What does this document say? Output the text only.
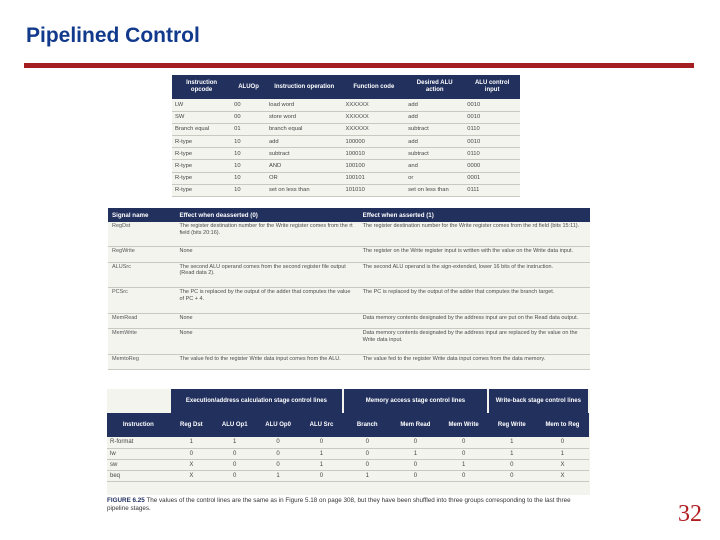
Pipelined Control
Instruction opcode	ALUOp	Instruction operation	Function code	Desired ALU action	ALU control input
LW	00	load word	XXXXXX	add	0010
SW	00	store word	XXXXXX	add	0010
Branch equal	01	branch equal	XXXXXX	subtract	0110
R-type	10	add	100000	add	0010
R-type	10	subtract	100010	subtract	0110
R-type	10	AND	100100	and	0000
R-type	10	OR	100101	or	0001
R-type	10	set on less than	101010	set on less than	0111
Signal name	Effect when deasserted (0)	Effect when asserted (1)
RegDst	The register destination number for the Write register comes from the rt field (bits 20:16).	The register destination number for the Write register comes from the rd field (bits 15:11).
RegWrite	None	The register on the Write register input is written with the value on the Write data input.
ALUSrc	The second ALU operand comes from the second register file output (Read data 2).	The second ALU operand is the sign-extended, lower 16 bits of the instruction.
PCSrc	The PC is replaced by the output of the adder that computes the value of PC + 4.	The PC is replaced by the output of the adder that computes the branch target.
MemRead	None	Data memory contents designated by the address input are put on the Read data output.
MemWrite	None	Data memory contents designated by the address input are replaced by the value on the Write data input.
MemtoReg	The value fed to the register Write data input comes from the ALU.	The value fed to the register Write data input comes from the data memory.
	Execution/address calculation stage control lines				Memory access stage control lines			Write-back stage control lines	
Instruction	Reg Dst	ALU Op1	ALU Op0	ALU Src	Branch	Mem Read	Mem Write	Reg Write	Mem to Reg
R-format	1	1	0	0	0	0	0	1	0
lw	0	0	0	1	0	1	0	1	1
sw	X	0	0	1	0	0	1	0	X
beq	X	0	1	0	1	0	0	0	X
FIGURE 6.25 The values of the control lines are the same as in Figure 5.18 on page 308, but they have been shuffled into three groups corresponding to the last three pipeline stages.	32
